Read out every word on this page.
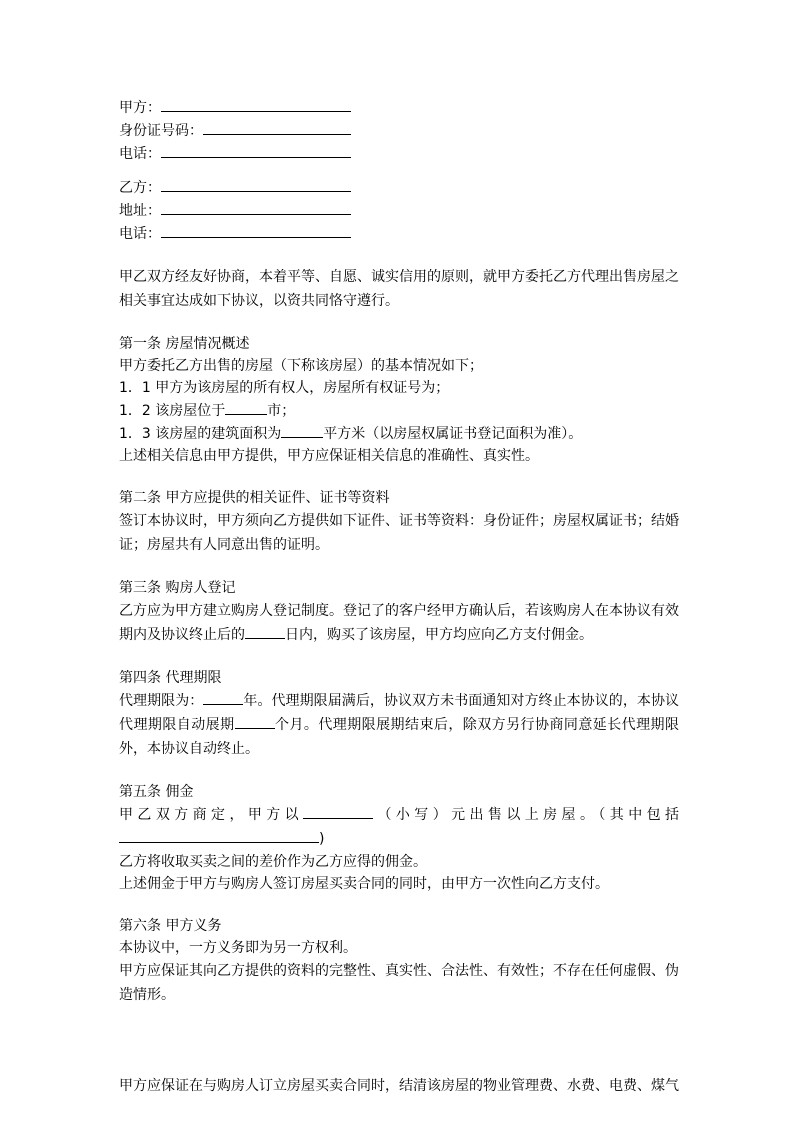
甲方：
身份证号码：
电话：
乙方：
地址：
电话：
甲乙双方经友好协商，本着平等、自愿、诚实信用的原则，就甲方委托乙方代理出售房屋之相关事宜达成如下协议，以资共同恪守遵行。
第一条 房屋情况概述
甲方委托乙方出售的房屋（下称该房屋）的基本情况如下；
1．1 甲方为该房屋的所有权人，房屋所有权证号为；
1．2 该房屋位于	市；
1．3 该房屋的建筑面积为	平方米（以房屋权属证书登记面积为准）。
上述相关信息由甲方提供，甲方应保证相关信息的准确性、真实性。
第二条 甲方应提供的相关证件、证书等资料
签订本协议时，甲方须向乙方提供如下证件、证书等资料：身份证件；房屋权属证书；结婚证；房屋共有人同意出售的证明。
第三条 购房人登记
乙方应为甲方建立购房人登记制度。登记了的客户经甲方确认后，若该购房人在本协议有效期内及协议终止后的	日内，购买了该房屋，甲方均应向乙方支付佣金。
第四条 代理期限
代理期限为：	年。代理期限届满后，协议双方未书面通知对方终止本协议的，本协议代理期限自动展期	个月。代理期限展期结束后，除双方另行协商同意延长代理期限外，本协议自动终止。
第五条 佣金
甲乙双方商定，甲方以	（小写）元出售以上房屋。（其中包括)
乙方将收取买卖之间的差价作为乙方应得的佣金。
上述佣金于甲方与购房人签订房屋买卖合同的同时，由甲方一次性向乙方支付。
第六条 甲方义务
本协议中，一方义务即为另一方权利。
甲方应保证其向乙方提供的资料的完整性、真实性、合法性、有效性；不存在任何虚假、伪造情形。
甲方应保证在与购房人订立房屋买卖合同时，结清该房屋的物业管理费、水费、电费、煤气
